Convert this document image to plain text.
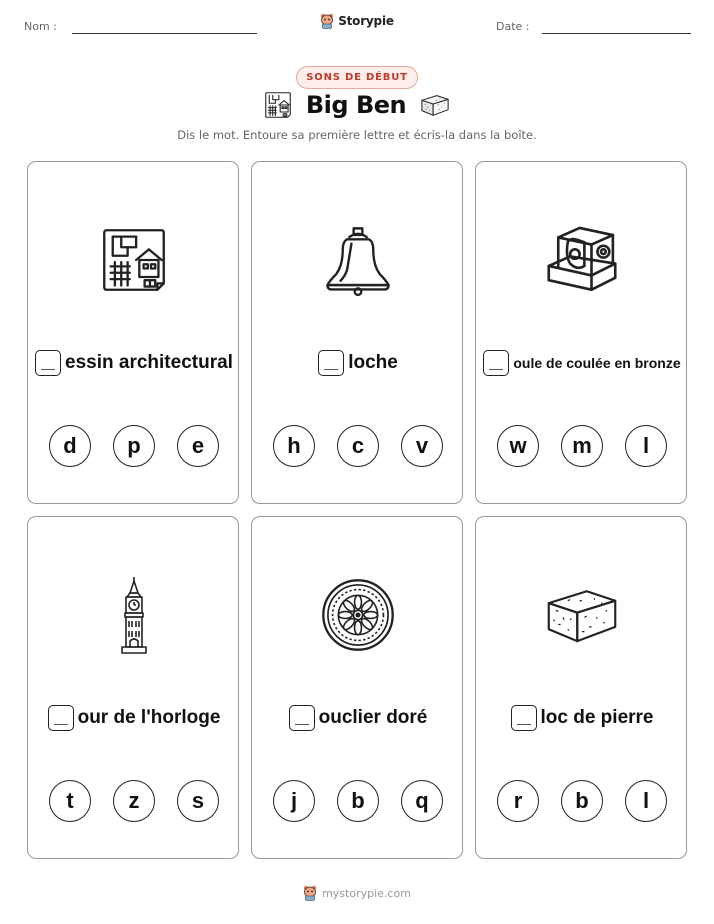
Nom :	Storypie	Date :
SONS DE DÉBUT
Big Ben
Dis le mot. Entoure sa première lettre et écris-la dans la boîte.
essin architectural
d	p	e
loche
h	c	v
oule de coulée en bronze
w	m	l
our de l'horloge
t	z	s
ouclier doré
j	b	q
loc de pierre
r	b	l
mystorypie.com
